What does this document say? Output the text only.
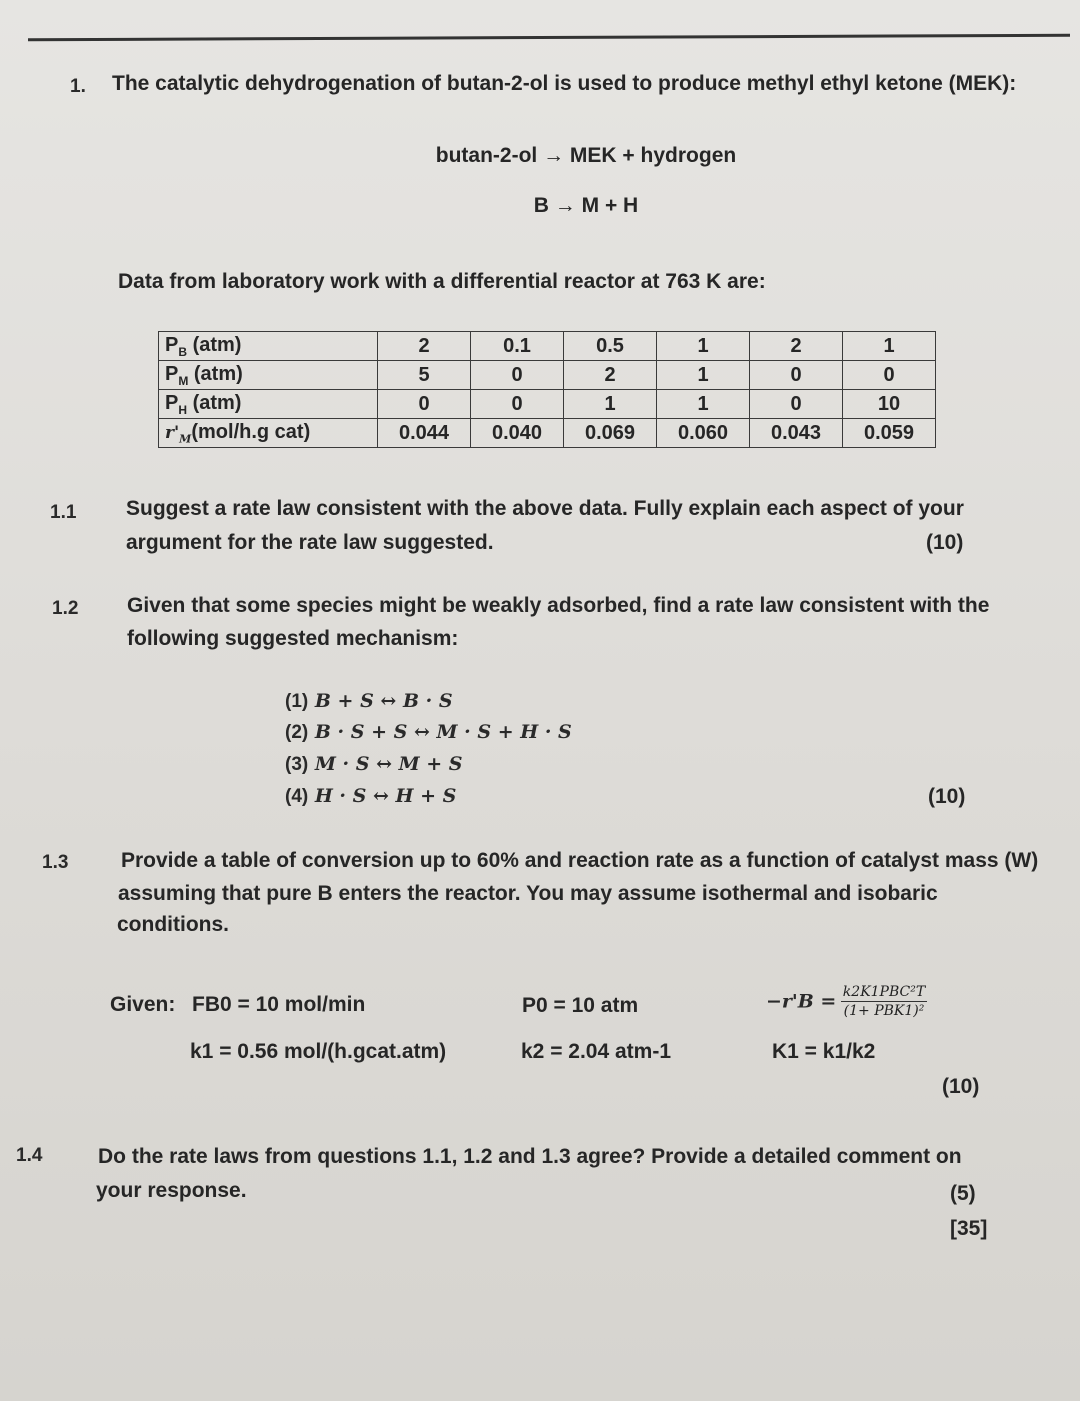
1. The catalytic dehydrogenation of butan-2-ol is used to produce methyl ethyl ketone (MEK):
butan-2-ol → MEK + hydrogen
B → M + H
Data from laboratory work with a differential reactor at 763 K are:
$P_B$ (atm)	2	0.1	0.5	1	2	1
$P_M$ (atm)	5	0	2	1	0	0
$P_H$ (atm)	0	0	1	1	0	10
$r'_M(mol/h.g$ cat)	0.044	0.040	0.069	0.060	0.043	0.059
1.1 Suggest a rate law consistent with the above data. Fully explain each aspect of your
argument for the rate law suggested.	(10)
1.2 Given that some species might be weakly adsorbed, find a rate law consistent with the
following suggested mechanism:
(1) B + S ↔ B · S
(2) B · S + S ↔ M · S + H · S
(3) M · S ↔ M + S
(4) H · S ↔ H + S	(10)
1.3	Provide a table of conversion up to 60% and reaction rate as a function of catalyst mass (W)
assuming that pure B enters the reactor. You may assume isothermal and isobaric
conditions.
Given: FB0 = 10 mol/min
k1 = 0.56 mol/(h.gcat.atm)
P0 = 10 atm
k2 = 2.04 atm-1
$-r'B = \frac{\text{k2K1PBC²T}}{\text{(1+ PBK1)²}}$
K1 = k1/k2
(10)
1.4	Do the rate laws from questions 1.1, 1.2 and 1.3 agree? Provide a detailed comment on
your response.	(5)
[35]
